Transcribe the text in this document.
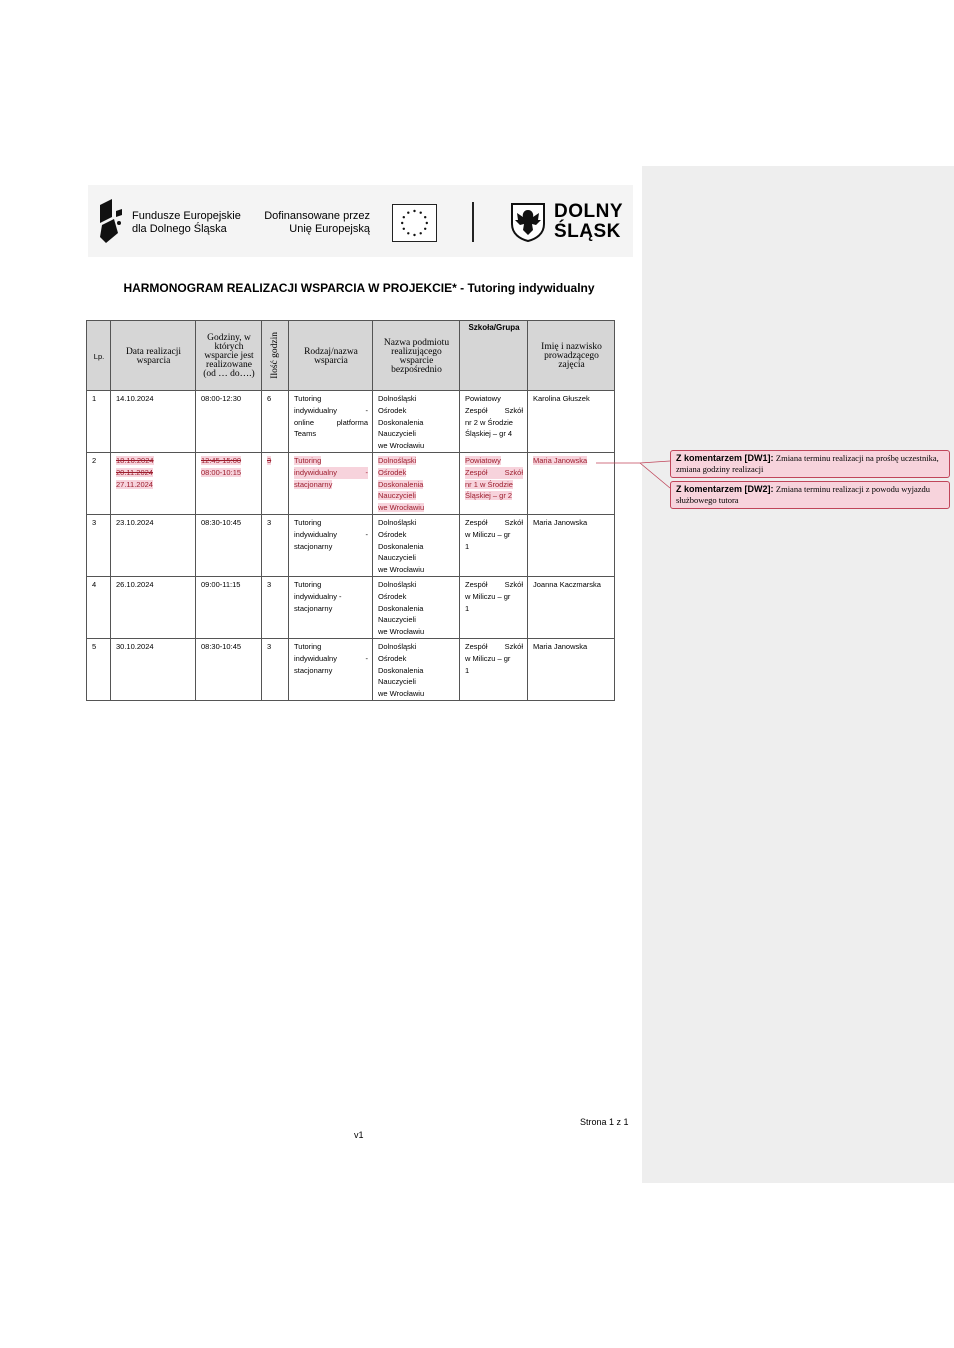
Fundusze Europejskie
dla Dolnego Śląska
Dofinansowane przez
Unię Europejską
DOLNY
ŚLĄSK
HARMONOGRAM REALIZACJI WSPARCIA W PROJEKCIE* - Tutoring indywidualny
Lp.	Data realizacji wsparcia	Godziny, w których wsparcie jest realizowane (od … do….)	Ilość godzin	Rodzaj/nazwa wsparcia	Nazwa podmiotu realizującego wsparcie bezpośrednio	Szkoła/Grupa	Imię i nazwisko prowadzącego zajęcia
1	14.10.2024	08:00-12:30	6	Tutoring

indywidualny -
online platforma
Teams	Dolnośląski
Ośrodek
Doskonalenia
Nauczycieli
we Wrocławiu	Powiatowy

Zespół Szkół
nr 2 w Środzie
Śląskiej – gr 4	Karolina Głuszek
2	18.10.2024
20.11.2024
27.11.2024	12:45-15:00
08:00-10:15	3	Tutoring

indywidualny -
stacjonarny	Dolnośląski
Ośrodek
Doskonalenia
Nauczycieli
we Wrocławiu	Powiatowy

Zespół Szkół
nr 1 w Środzie
Śląskiej – gr 2	Maria Janowska
3	23.10.2024	08:30-10:45	3	Tutoring

indywidualny -
stacjonarny	Dolnośląski
Ośrodek
Doskonalenia
Nauczycieli
we Wrocławiu	Zespół Szkół
w Miliczu – gr
1	Maria Janowska
4	26.10.2024	09:00-11:15	3	Tutoring
indywidualny -
stacjonarny	Dolnośląski
Ośrodek
Doskonalenia
Nauczycieli
we Wrocławiu	Zespół Szkół
w Miliczu – gr
1	Joanna Kaczmarska
5	30.10.2024	08:30-10:45	3	Tutoring

indywidualny -
stacjonarny	Dolnośląski
Ośrodek
Doskonalenia
Nauczycieli
we Wrocławiu	Zespół Szkół
w Miliczu – gr
1	Maria Janowska
Z komentarzem [DW1]: Zmiana terminu realizacji na prośbę uczestnika, zmiana godziny realizacji
Z komentarzem [DW2]: Zmiana terminu realizacji z powodu wyjazdu służbowego tutora
Strona 1 z 1
v1
